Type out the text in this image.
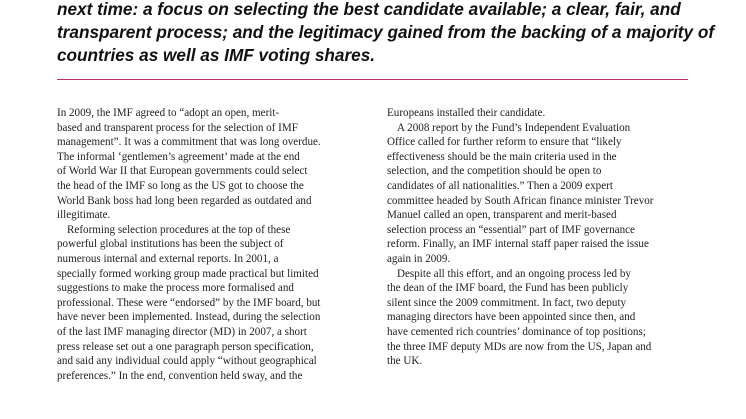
next time: a focus on selecting the best candidate available; a clear, fair, and

transparent process; and the legitimacy gained from the backing of a majority of

countries as well as IMF voting shares.

In 2009, the IMF agreed to “adopt an open, merit-
based and transparent process for the selection of IMF
management”. It was a commitment that was long overdue.
The informal ‘gentlemen’s agreement’ made at the end
of World War II that European governments could select
the head of the IMF so long as the US got to choose the
World Bank boss had long been regarded as outdated and
illegitimate.
Reforming selection procedures at the top of these
powerful global institutions has been the subject of
numerous internal and external reports. In 2001, a
specially formed working group made practical but limited
suggestions to make the process more formalised and
professional. These were “endorsed” by the IMF board, but
have never been implemented. Instead, during the selection
of the last IMF managing director (MD) in 2007, a short
press release set out a one paragraph person specification,
and said any individual could apply “without geographical
preferences.” In the end, convention held sway, and the
Europeans installed their candidate.
A 2008 report by the Fund’s Independent Evaluation
Office called for further reform to ensure that “likely
effectiveness should be the main criteria used in the
selection, and the competition should be open to
candidates of all nationalities.” Then a 2009 expert
committee headed by South African finance minister Trevor
Manuel called an open, transparent and merit-based
selection process an “essential” part of IMF governance
reform. Finally, an IMF internal staff paper raised the issue
again in 2009.
Despite all this effort, and an ongoing process led by
the dean of the IMF board, the Fund has been publicly
silent since the 2009 commitment. In fact, two deputy
managing directors have been appointed since then, and
have cemented rich countries’ dominance of top positions;
the three IMF deputy MDs are now from the US, Japan and
the UK.
